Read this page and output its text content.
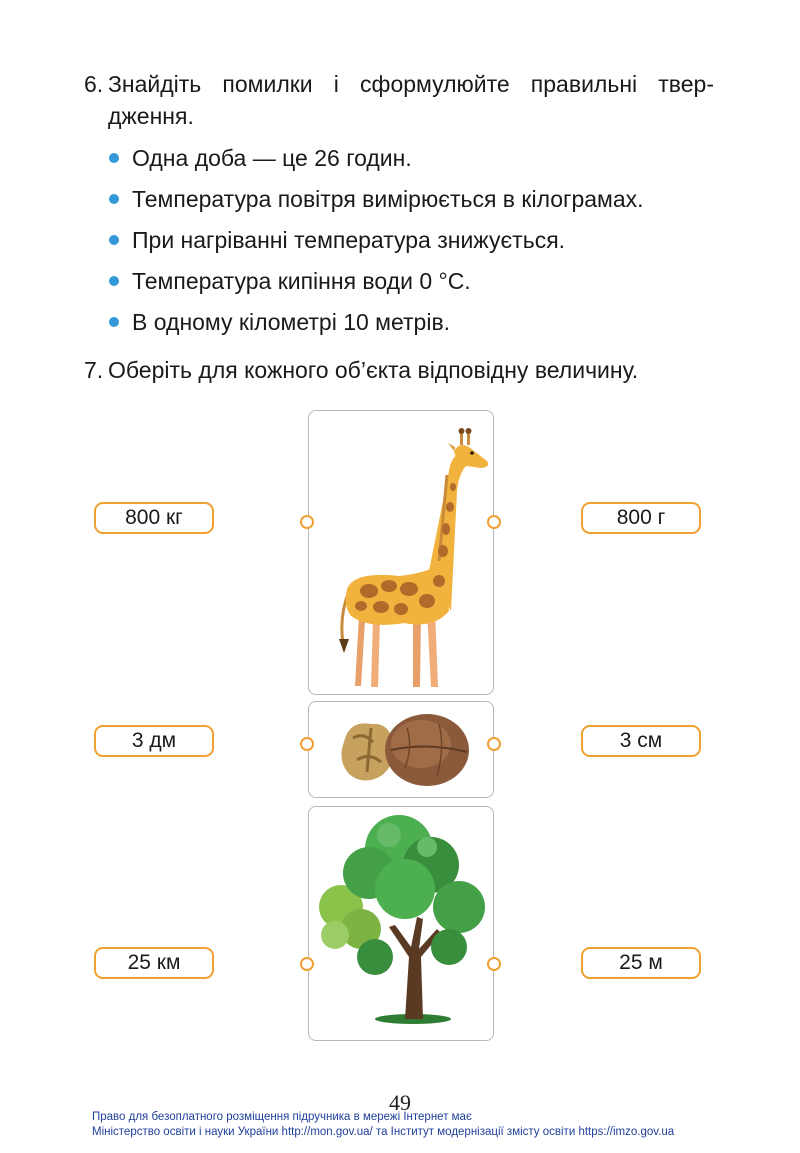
6. Знайдіть помилки і сформулюйте правильні твер-
дження.
Одна доба — це 26 годин.
Температура повітря вимірюється в кілограмах.
При нагріванні температура знижується.
Температура кипіння води 0 °С.
В одному кілометрі 10 метрів.
7. Оберіть для кожного об’єкта відповідну величину.
800 кг
3 дм
25 км
800 г
3 см
25 м
49
Право для безоплатного розміщення підручника в мережі Інтернет має
Міністерство освіти і науки України http://mon.gov.ua/ та Інститут модернізації змісту освіти https://imzo.gov.ua
